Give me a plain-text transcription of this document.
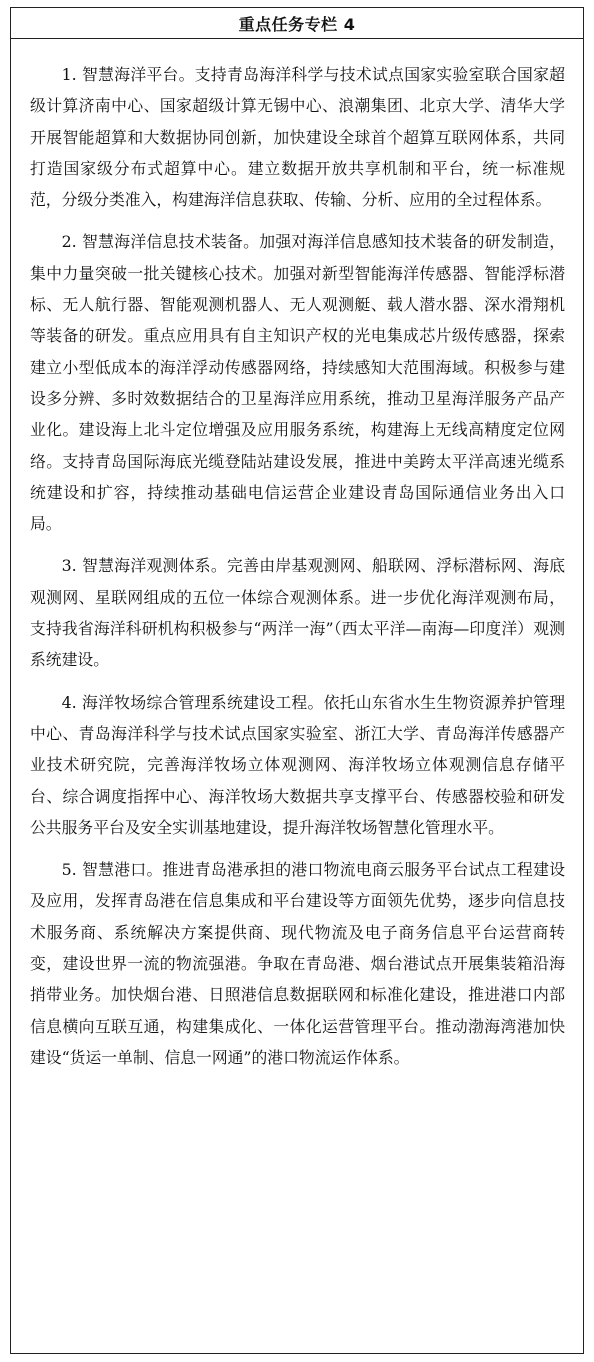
重点任务专栏 4

1. 智慧海洋平台。支持青岛海洋科学与技术试点国家实验室联合国家超级计算济南中心、国家超级计算无锡中心、浪潮集团、北京大学、清华大学开展智能超算和大数据协同创新，加快建设全球首个超算互联网体系，共同打造国家级分布式超算中心。建立数据开放共享机制和平台，统一标准规范，分级分类准入，构建海洋信息获取、传输、分析、应用的全过程体系。

2. 智慧海洋信息技术装备。加强对海洋信息感知技术装备的研发制造，集中力量突破一批关键核心技术。加强对新型智能海洋传感器、智能浮标潜标、无人航行器、智能观测机器人、无人观测艇、载人潜水器、深水滑翔机等装备的研发。重点应用具有自主知识产权的光电集成芯片级传感器，探索建立小型低成本的海洋浮动传感器网络，持续感知大范围海域。积极参与建设多分辨、多时效数据结合的卫星海洋应用系统，推动卫星海洋服务产品产业化。建设海上北斗定位增强及应用服务系统，构建海上无线高精度定位网络。支持青岛国际海底光缆登陆站建设发展，推进中美跨太平洋高速光缆系统建设和扩容，持续推动基础电信运营企业建设青岛国际通信业务出入口局。

3. 智慧海洋观测体系。完善由岸基观测网、船联网、浮标潜标网、海底观测网、星联网组成的五位一体综合观测体系。进一步优化海洋观测布局，支持我省海洋科研机构积极参与“两洋一海”（西太平洋—南海—印度洋）观测系统建设。

4. 海洋牧场综合管理系统建设工程。依托山东省水生生物资源养护管理中心、青岛海洋科学与技术试点国家实验室、浙江大学、青岛海洋传感器产业技术研究院，完善海洋牧场立体观测网、海洋牧场立体观测信息存储平台、综合调度指挥中心、海洋牧场大数据共享支撑平台、传感器校验和研发公共服务平台及安全实训基地建设，提升海洋牧场智慧化管理水平。

5. 智慧港口。推进青岛港承担的港口物流电商云服务平台试点工程建设及应用，发挥青岛港在信息集成和平台建设等方面领先优势，逐步向信息技术服务商、系统解决方案提供商、现代物流及电子商务信息平台运营商转变，建设世界一流的物流强港。争取在青岛港、烟台港试点开展集装箱沿海捎带业务。加快烟台港、日照港信息数据联网和标准化建设，推进港口内部信息横向互联互通，构建集成化、一体化运营管理平台。推动渤海湾港加快建设“货运一单制、信息一网通”的港口物流运作体系。
